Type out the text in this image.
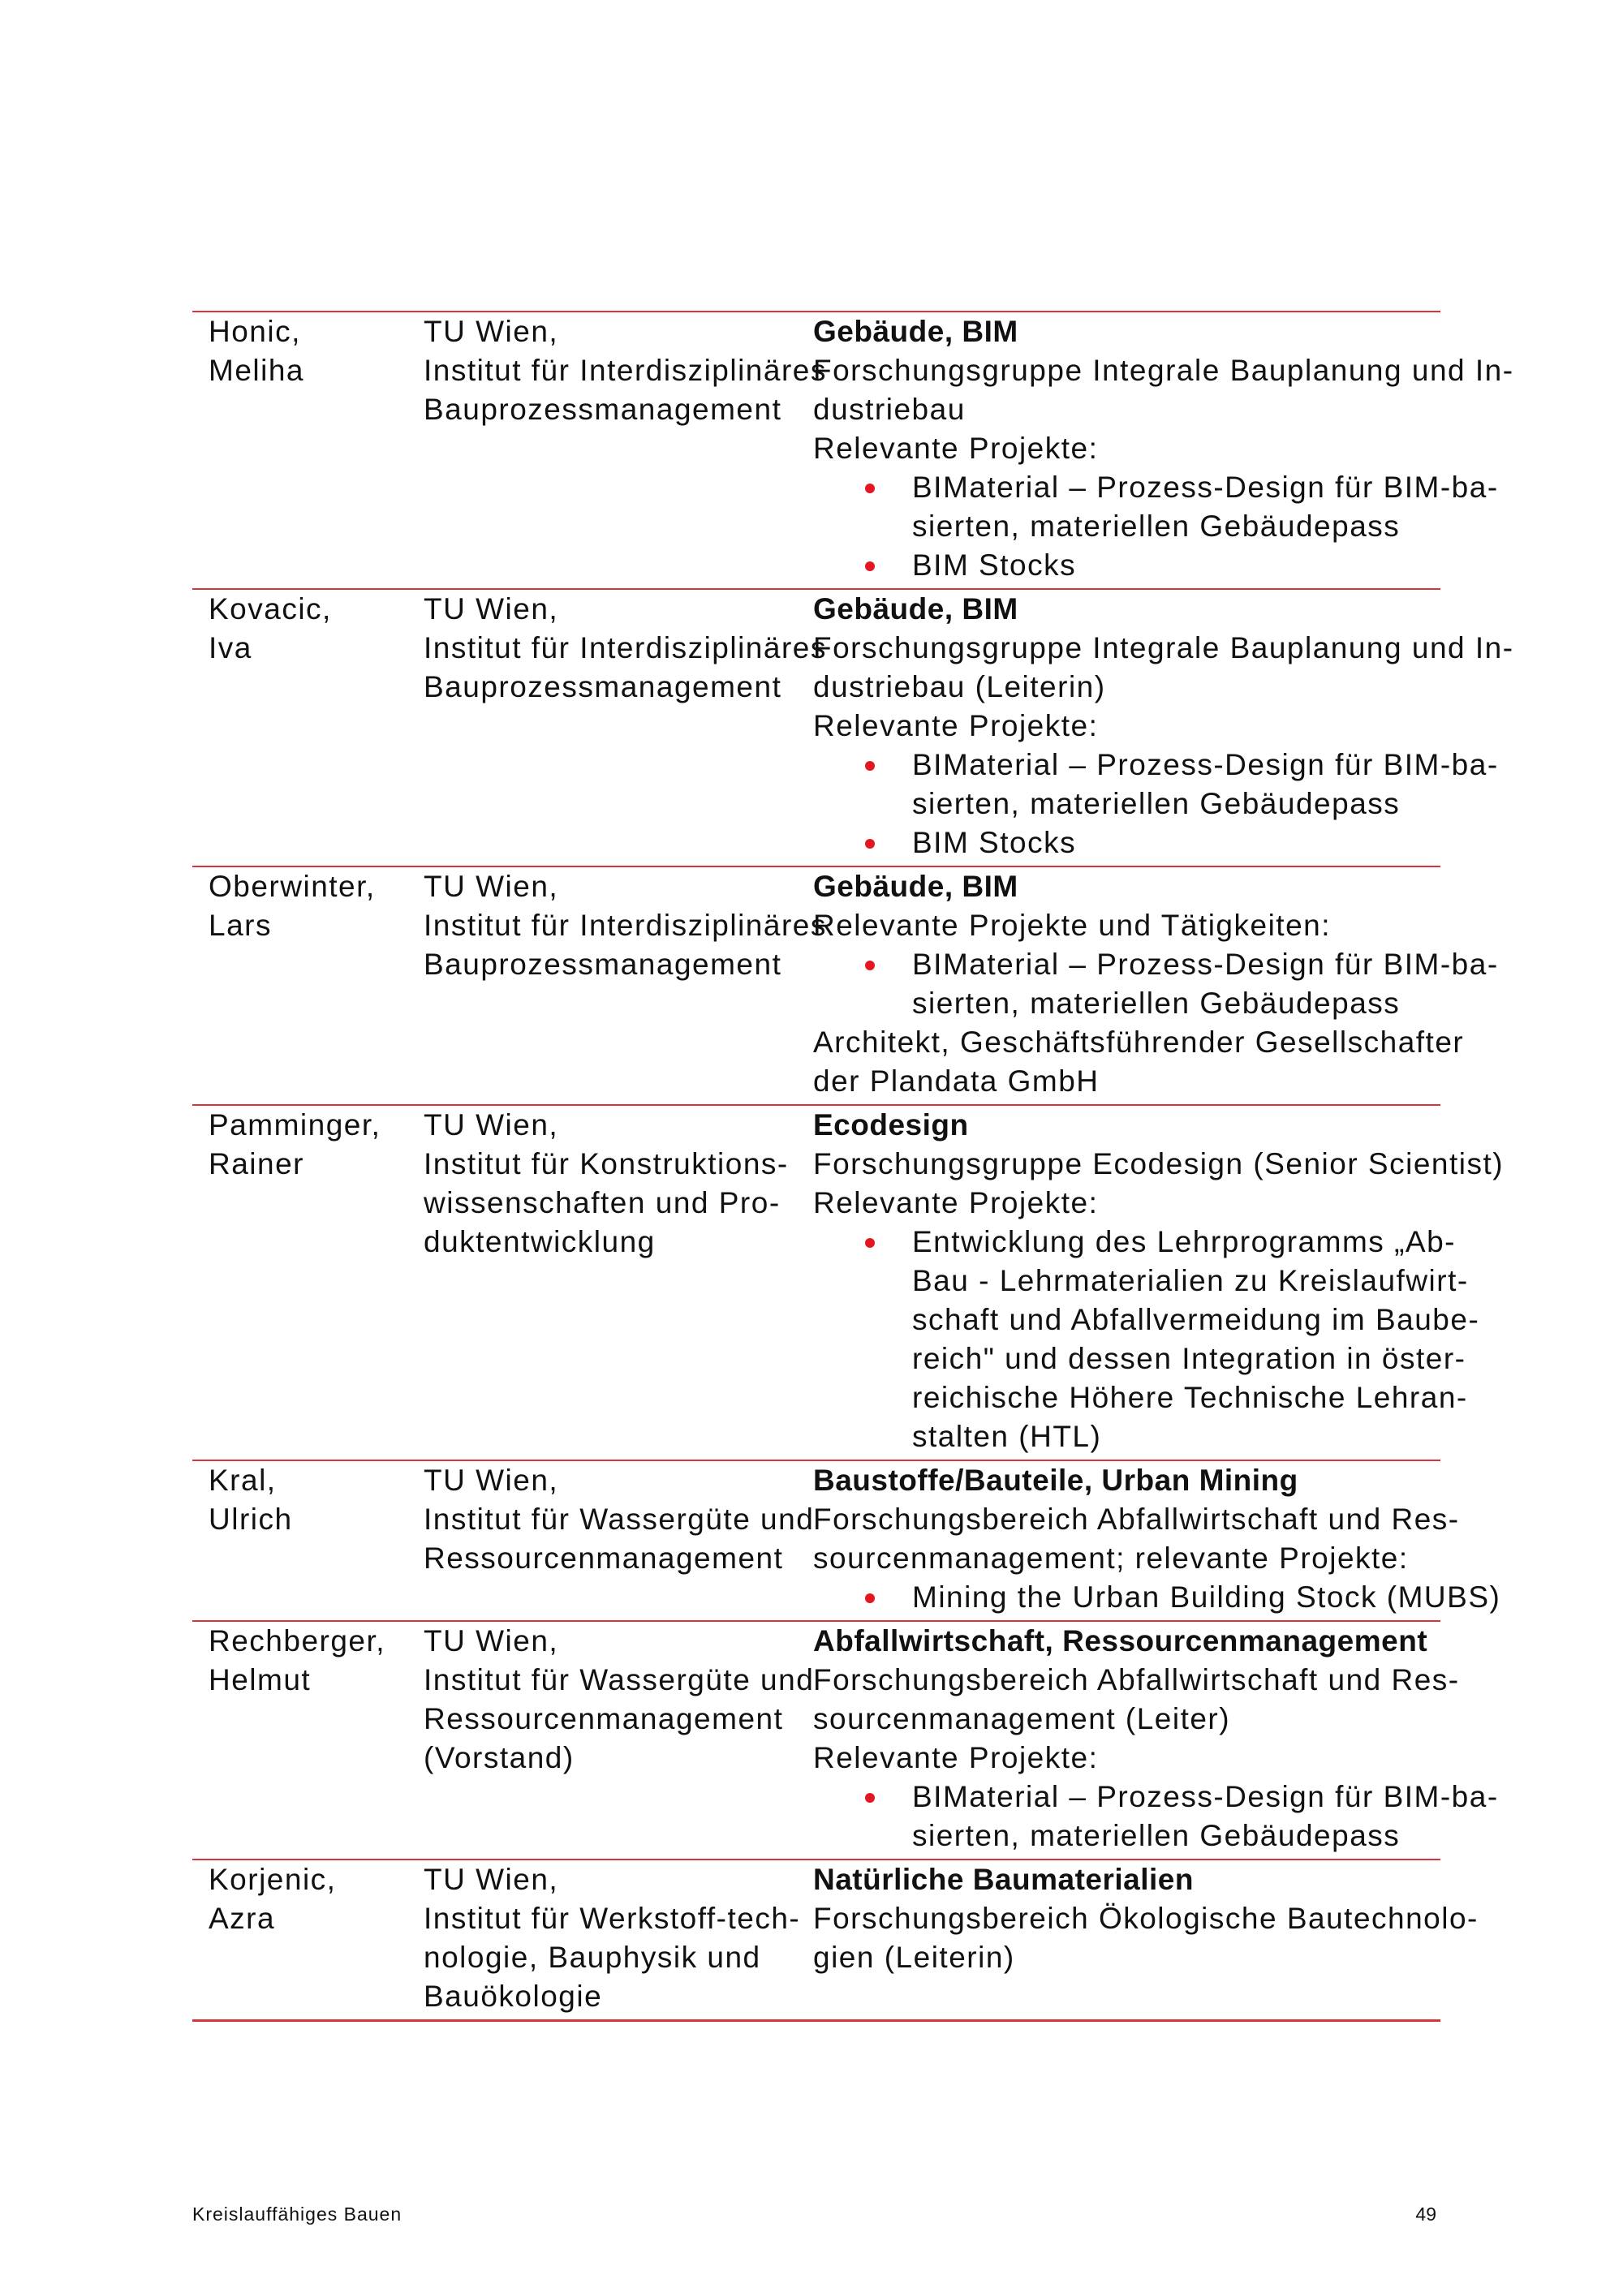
Honic,
Meliha
TU Wien,
Institut für Interdisziplinäres
Bauprozessmanagement
Gebäude, BIM
Forschungsgruppe Integrale Bauplanung und In-
dustriebau
Relevante Projekte:
BIMaterial – Prozess-Design für BIM-ba-
sierten, materiellen Gebäudepass
BIM Stocks
Kovacic,
Iva
TU Wien,
Institut für Interdisziplinäres
Bauprozessmanagement
Gebäude, BIM
Forschungsgruppe Integrale Bauplanung und In-
dustriebau (Leiterin)
Relevante Projekte:
BIMaterial – Prozess-Design für BIM-ba-
sierten, materiellen Gebäudepass
BIM Stocks
Oberwinter,
Lars
TU Wien,
Institut für Interdisziplinäres
Bauprozessmanagement
Gebäude, BIM
Relevante Projekte und Tätigkeiten:
BIMaterial – Prozess-Design für BIM-ba-
sierten, materiellen Gebäudepass
Architekt, Geschäftsführender Gesellschafter
der Plandata GmbH
Pamminger,
Rainer
TU Wien,
Institut für Konstruktions-
wissenschaften und Pro-
duktentwicklung
Ecodesign
Forschungsgruppe Ecodesign (Senior Scientist)
Relevante Projekte:
Entwicklung des Lehrprogramms „Ab-
Bau - Lehrmaterialien zu Kreislaufwirt-
schaft und Abfallvermeidung im Baube-
reich" und dessen Integration in öster-
reichische Höhere Technische Lehran-
stalten (HTL)
Kral,
Ulrich
TU Wien,
Institut für Wassergüte und
Ressourcenmanagement
Baustoffe/Bauteile, Urban Mining
Forschungsbereich Abfallwirtschaft und Res-
sourcenmanagement; relevante Projekte:
Mining the Urban Building Stock (MUBS)
Rechberger,
Helmut
TU Wien,
Institut für Wassergüte und
Ressourcenmanagement
(Vorstand)
Abfallwirtschaft, Ressourcenmanagement
Forschungsbereich Abfallwirtschaft und Res-
sourcenmanagement (Leiter)
Relevante Projekte:
BIMaterial – Prozess-Design für BIM-ba-
sierten, materiellen Gebäudepass
Korjenic,
Azra
TU Wien,
Institut für Werkstoff-tech-
nologie, Bauphysik und
Bauökologie
Natürliche Baumaterialien
Forschungsbereich Ökologische Bautechnolo-
gien (Leiterin)
Kreislauffähiges Bauen	49
